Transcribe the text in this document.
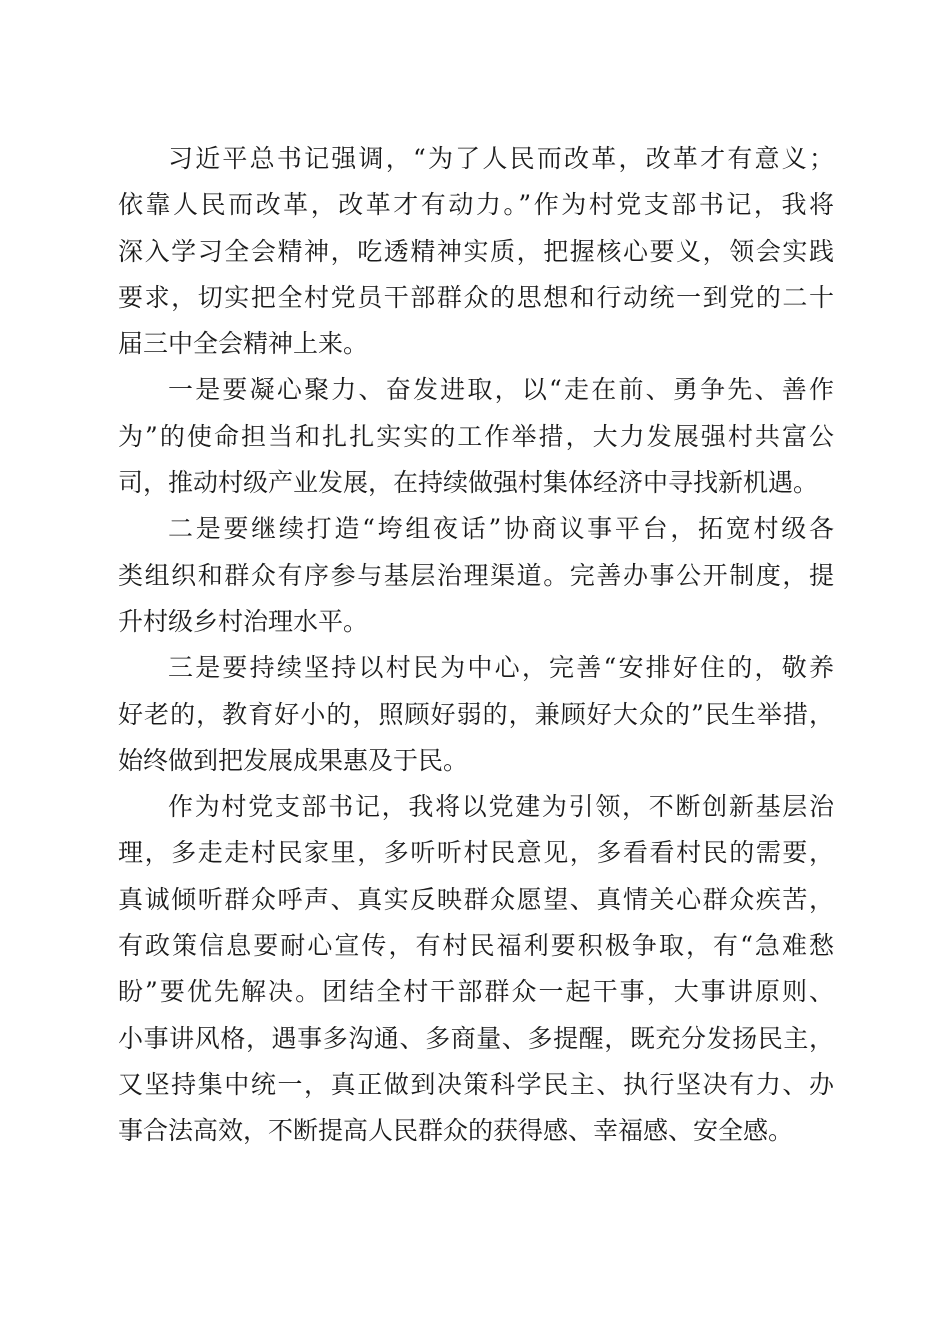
习近平总书记强调，“为了人民而改革，改革才有意义；
依靠人民而改革，改革才有动力。”作为村党支部书记，我将
深入学习全会精神，吃透精神实质，把握核心要义，领会实践
要求，切实把全村党员干部群众的思想和行动统一到党的二十
届三中全会精神上来。
一是要凝心聚力、奋发进取，以“走在前、勇争先、善作
为”的使命担当和扎扎实实的工作举措，大力发展强村共富公
司，推动村级产业发展，在持续做强村集体经济中寻找新机遇。
二是要继续打造“垮组夜话”协商议事平台，拓宽村级各
类组织和群众有序参与基层治理渠道。完善办事公开制度，提
升村级乡村治理水平。
三是要持续坚持以村民为中心，完善“安排好住的，敬养
好老的，教育好小的，照顾好弱的，兼顾好大众的”民生举措，
始终做到把发展成果惠及于民。
作为村党支部书记，我将以党建为引领，不断创新基层治
理，多走走村民家里，多听听村民意见，多看看村民的需要，
真诚倾听群众呼声、真实反映群众愿望、真情关心群众疾苦，
有政策信息要耐心宣传，有村民福利要积极争取，有“急难愁
盼”要优先解决。团结全村干部群众一起干事，大事讲原则、
小事讲风格，遇事多沟通、多商量、多提醒，既充分发扬民主，
又坚持集中统一，真正做到决策科学民主、执行坚决有力、办
事合法高效，不断提高人民群众的获得感、幸福感、安全感。
